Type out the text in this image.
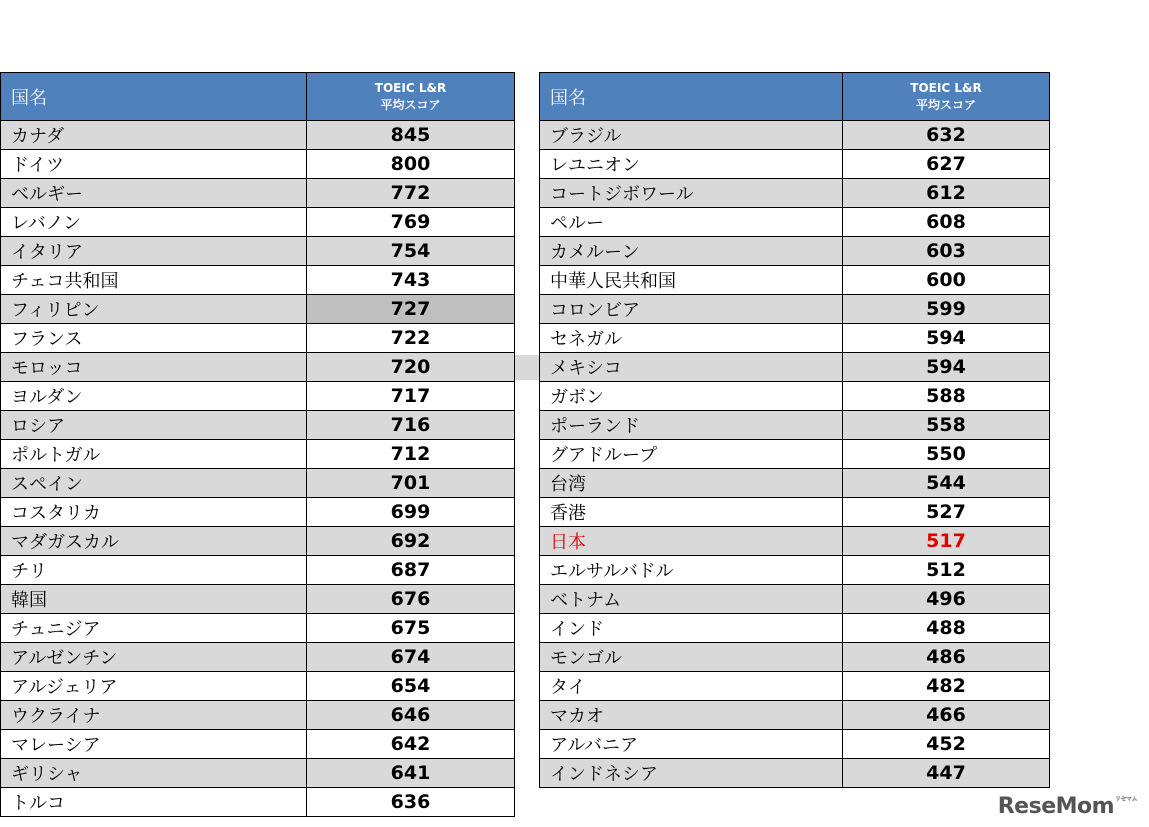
国名	TOEIC L&R
平均スコア

カナダ	845
ドイツ	800
ベルギー	772
レバノン	769
イタリア	754
チェコ共和国	743
フィリピン	727
フランス	722
モロッコ	720
ヨルダン	717
ロシア	716
ポルトガル	712
スペイン	701
コスタリカ	699
マダガスカル	692
チリ	687
韓国	676
チュニジア	675
アルゼンチン	674
アルジェリア	654
ウクライナ	646
マレーシア	642
ギリシャ	641
トルコ	636
国名	TOEIC L&R
平均スコア

ブラジル	632
レユニオン	627
コートジボワール	612
ペルー	608
カメルーン	603
中華人民共和国	600
コロンビア	599
セネガル	594
メキシコ	594
ガボン	588
ポーランド	558
グアドループ	550
台湾	544
香港	527
日本	517
エルサルバドル	512
ベトナム	496
インド	488
モンゴル	486
タイ	482
マカオ	466
アルバニア	452
インドネシア	447
ReseMom$^{リセマム}$
